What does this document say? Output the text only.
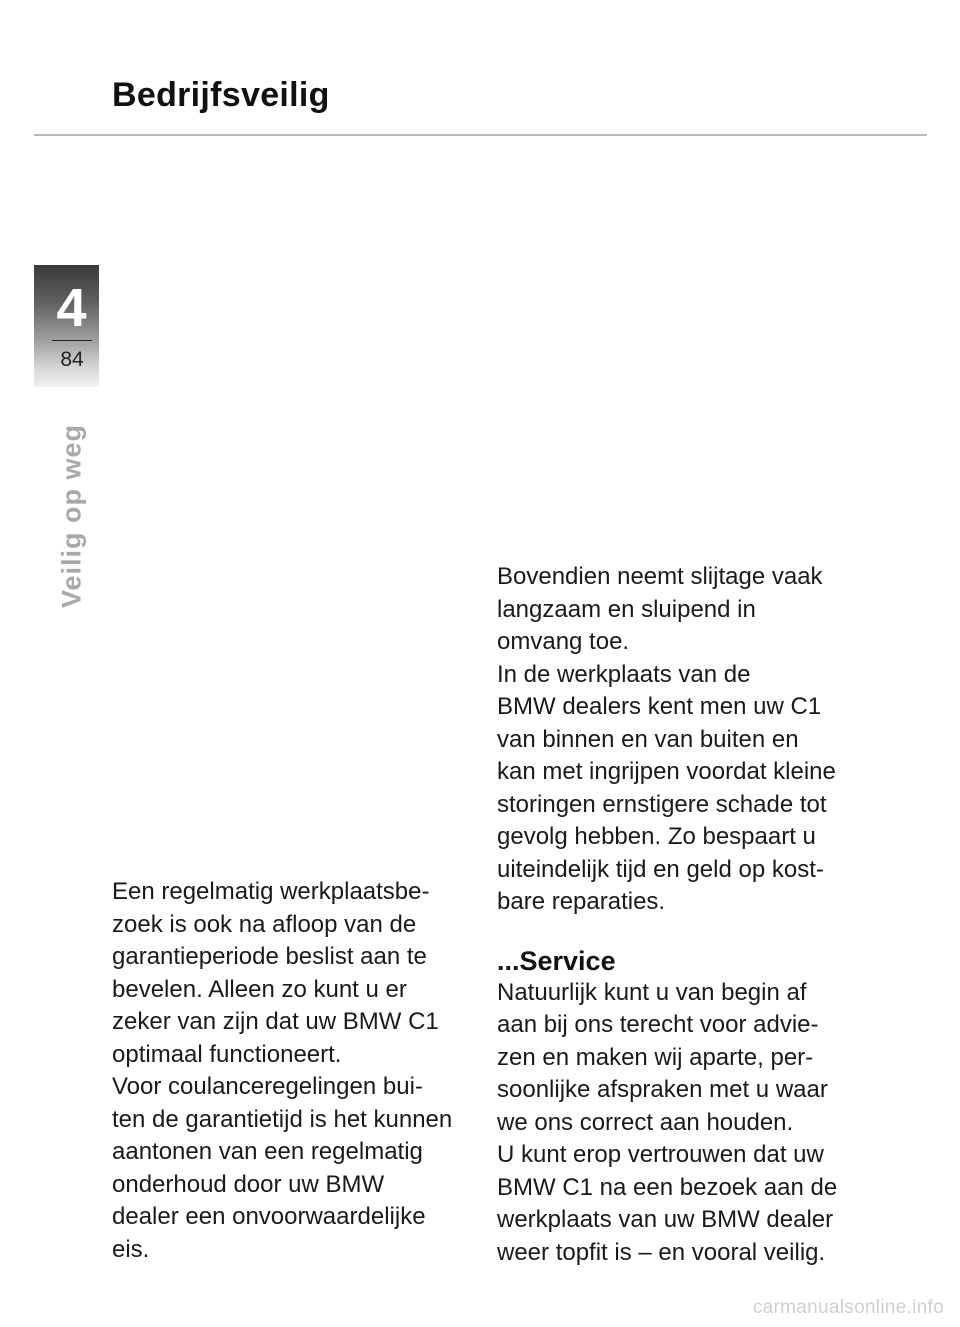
Bedrijfsveilig
4
84
Veilig op weg

Een regelmatig werkplaatsbe-
zoek is ook na afloop van de
garantieperiode beslist aan te
bevelen. Alleen zo kunt u er
zeker van zijn dat uw BMW C1
optimaal functioneert.

Voor coulanceregelingen bui-
ten de garantietijd is het kunnen
aantonen van een regelmatig
onderhoud door uw BMW
dealer een onvoorwaardelijke
eis.

Bovendien neemt slijtage vaak
langzaam en sluipend in
omvang toe.

In de werkplaats van de
BMW dealers kent men uw C1
van binnen en van buiten en
kan met ingrijpen voordat kleine
storingen ernstigere schade tot
gevolg hebben. Zo bespaart u
uiteindelijk tijd en geld op kost-
bare reparaties.

...Service

Natuurlijk kunt u van begin af
aan bij ons terecht voor advie-
zen en maken wij aparte, per-
soonlijke afspraken met u waar
we ons correct aan houden.

U kunt erop vertrouwen dat uw
BMW C1 na een bezoek aan de
werkplaats van uw BMW dealer
weer topfit is – en vooral veilig.

carmanualsonline.info
